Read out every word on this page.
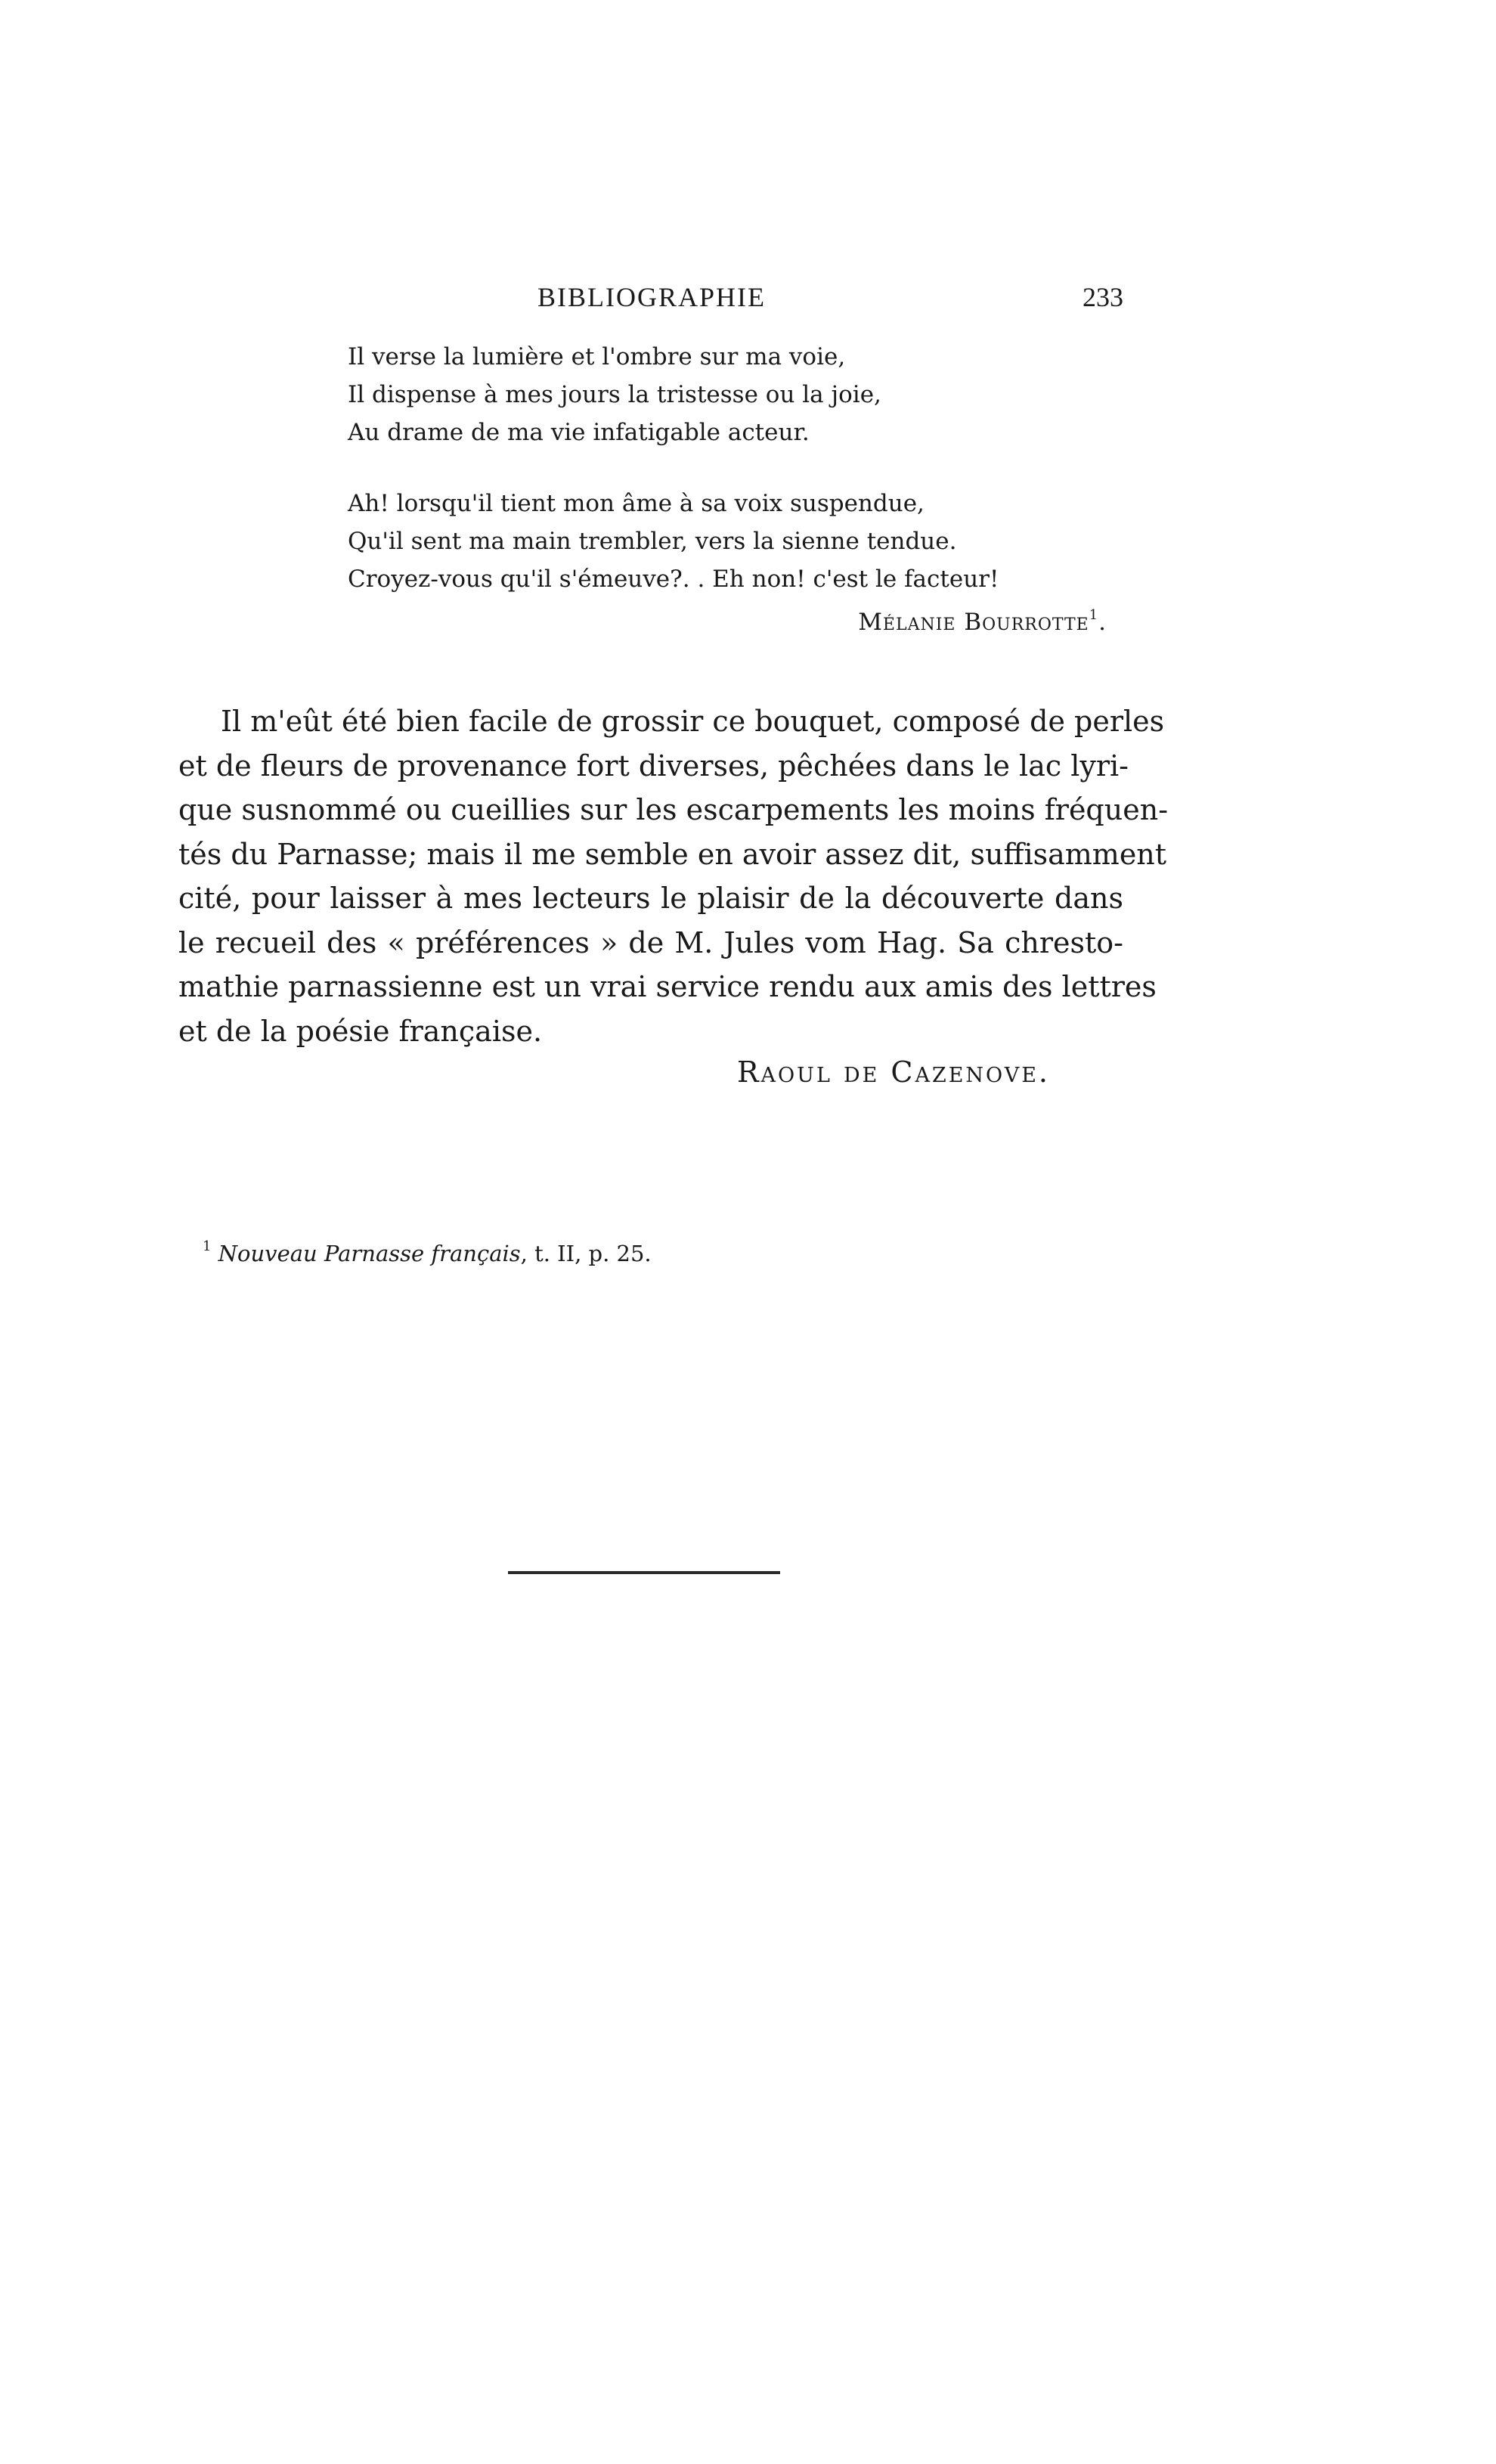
BIBLIOGRAPHIE	233
Il verse la lumière et l'ombre sur ma voie,
Il dispense à mes jours la tristesse ou la joie,
Au drame de ma vie infatigable acteur.
Ah! lorsqu'il tient mon âme à sa voix suspendue,
Qu'il sent ma main trembler, vers la sienne tendue.
Croyez-vous qu'il s'émeuve?. . Eh non! c'est le facteur!
Mélanie Bourrotte$^1$.
Il m'eût été bien facile de grossir ce bouquet, composé de perles
et de fleurs de provenance fort diverses, pêchées dans le lac lyri-
que susnommé ou cueillies sur les escarpements les moins fréquen-
tés du Parnasse; mais il me semble en avoir assez dit, suffisamment
cité, pour laisser à mes lecteurs le plaisir de la découverte dans
le recueil des « préférences » de M. Jules vom Hag. Sa chresto-
mathie parnassienne est un vrai service rendu aux amis des lettres
et de la poésie française.
Raoul de Cazenove.
$^1$ Nouveau Parnasse français, t. II, p. 25.
